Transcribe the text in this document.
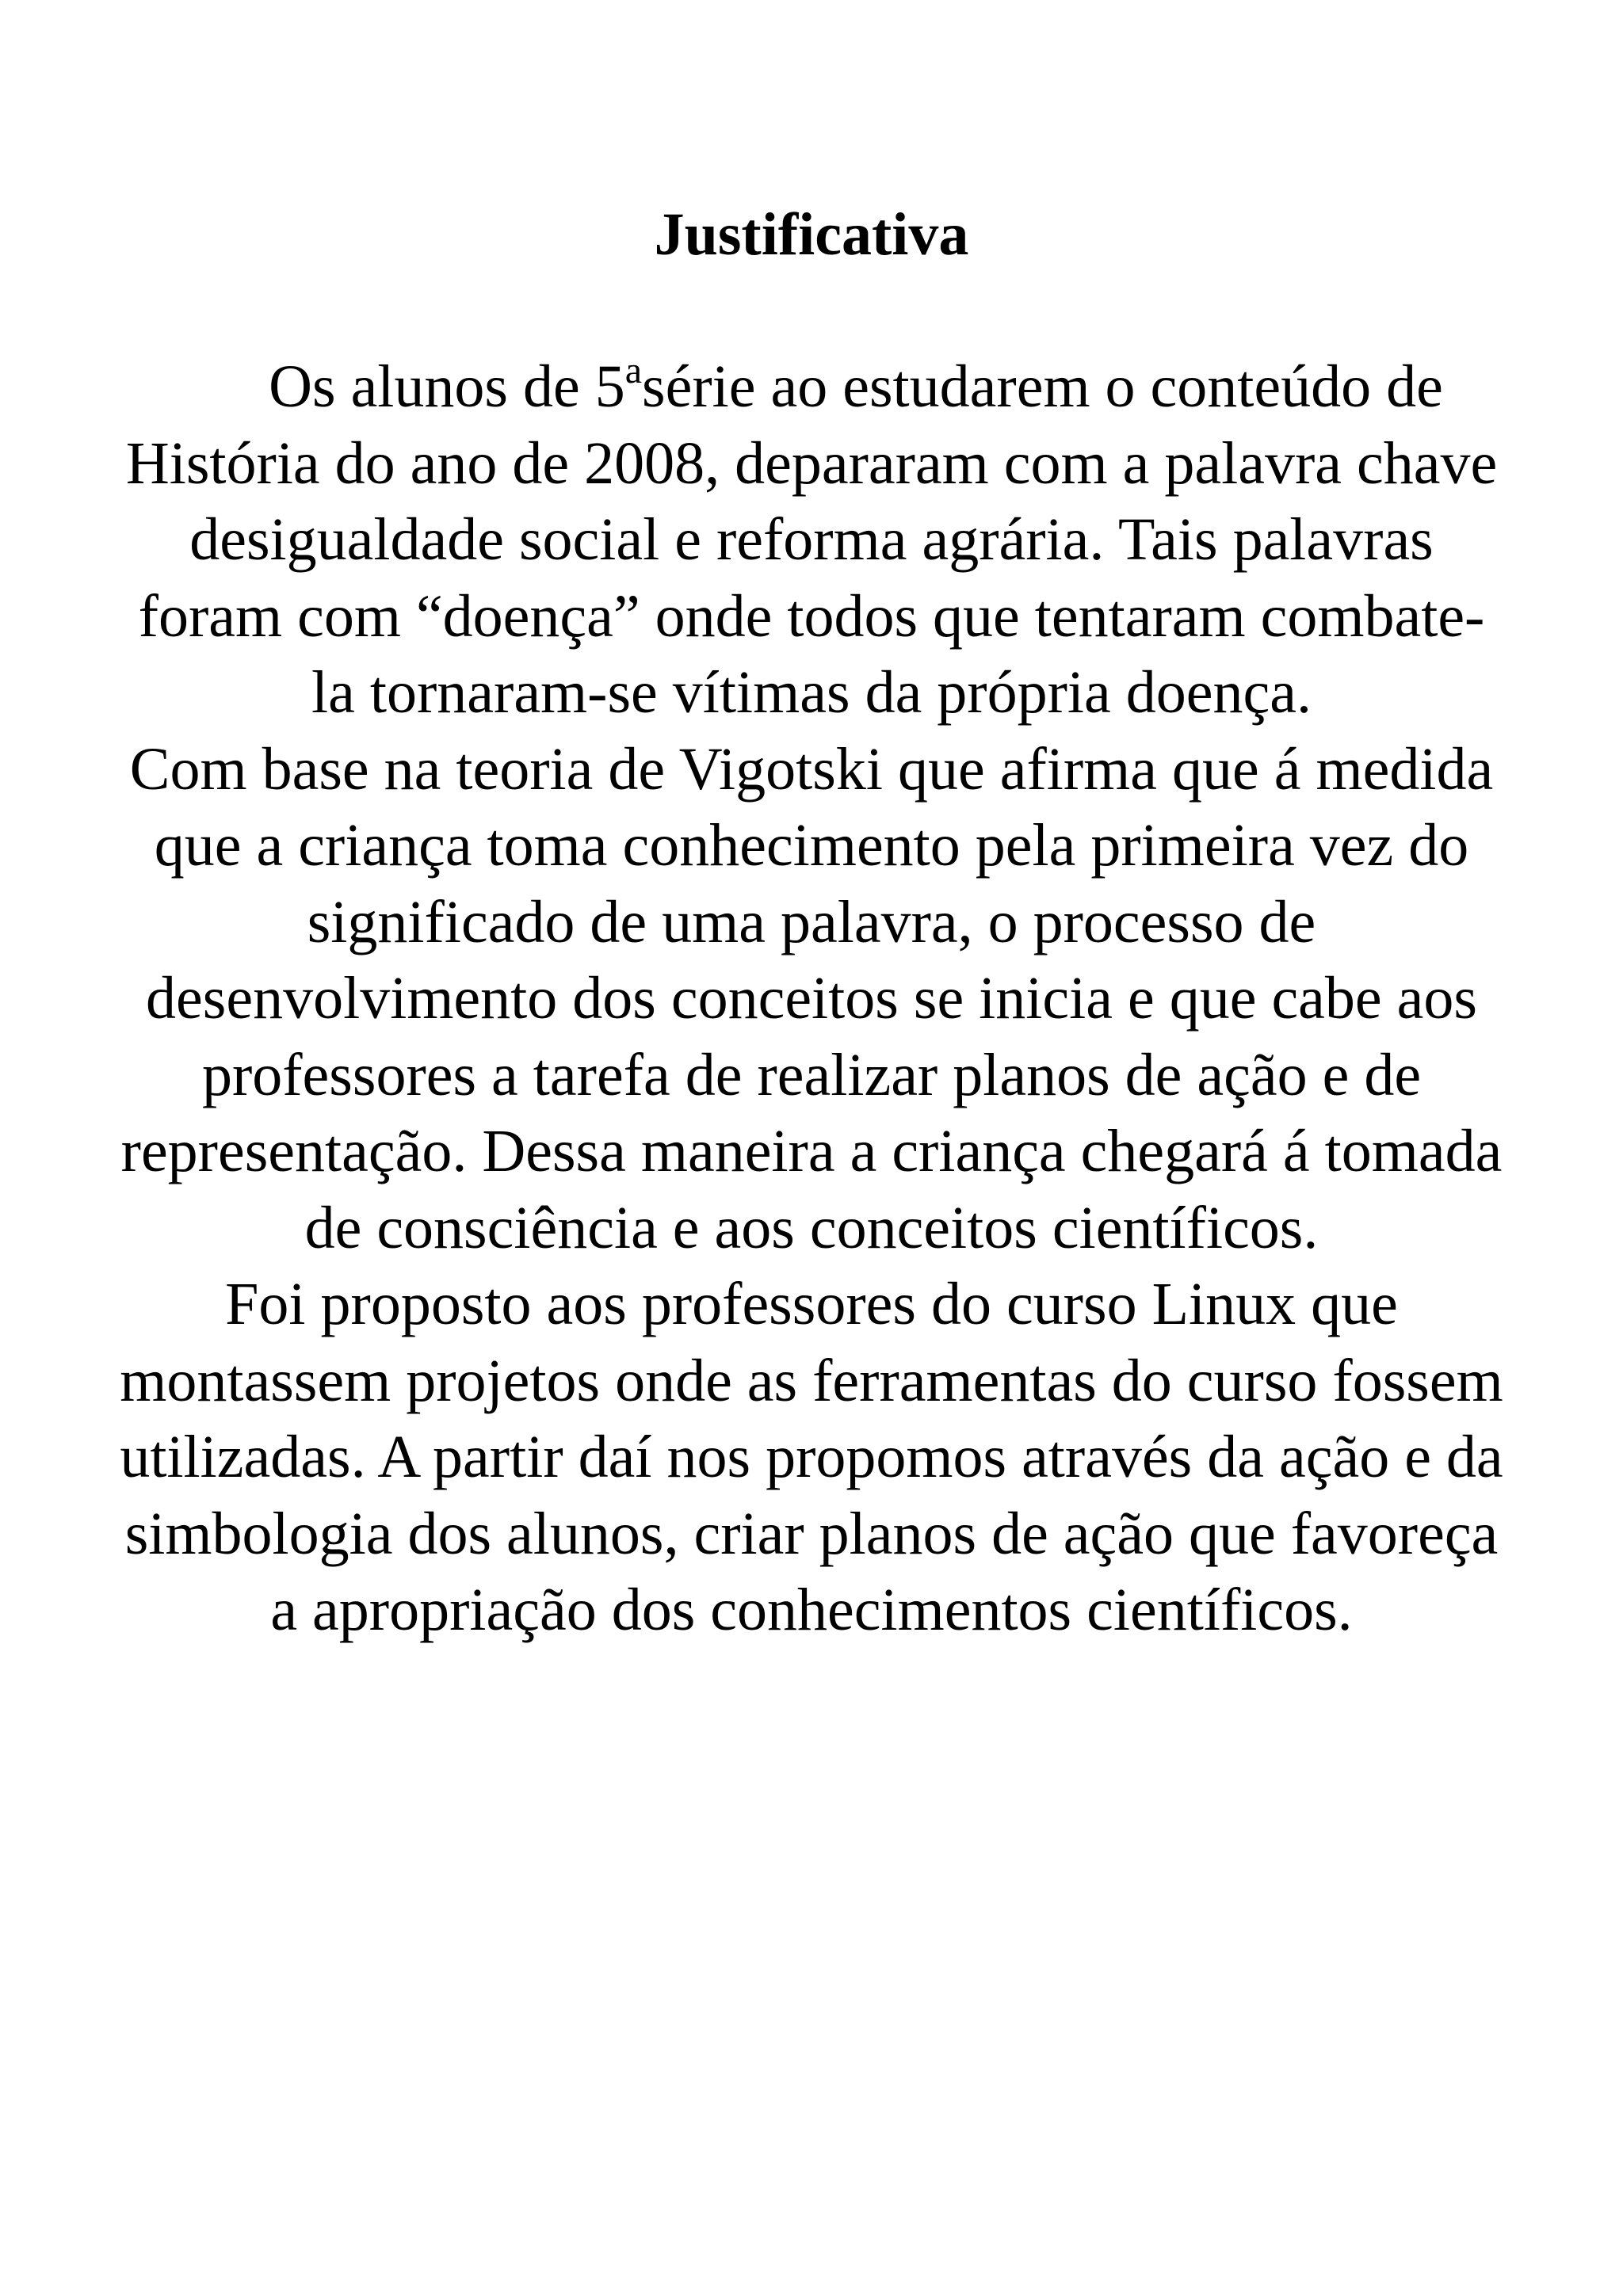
Justificativa

Os alunos de 5$^a$série ao estudarem o conteúdo de História do ano de 2008, depararam com a palavra chave desigualdade social e reforma agrária. Tais palavras foram com “doença” onde todos que tentaram combate-la tornaram-se vítimas da própria doença.

Com base na teoria de Vigotski que afirma que á medida que a criança toma conhecimento pela primeira vez do significado de uma palavra, o processo de desenvolvimento dos conceitos se inicia e que cabe aos professores a tarefa de realizar planos de ação e de representação. Dessa maneira a criança chegará á tomada de consciência e aos conceitos científicos.

Foi proposto aos professores do curso Linux que montassem projetos onde as ferramentas do curso fossem utilizadas. A partir daí nos propomos através da ação e da simbologia dos alunos, criar planos de ação que favoreça a apropriação dos conhecimentos científicos.
